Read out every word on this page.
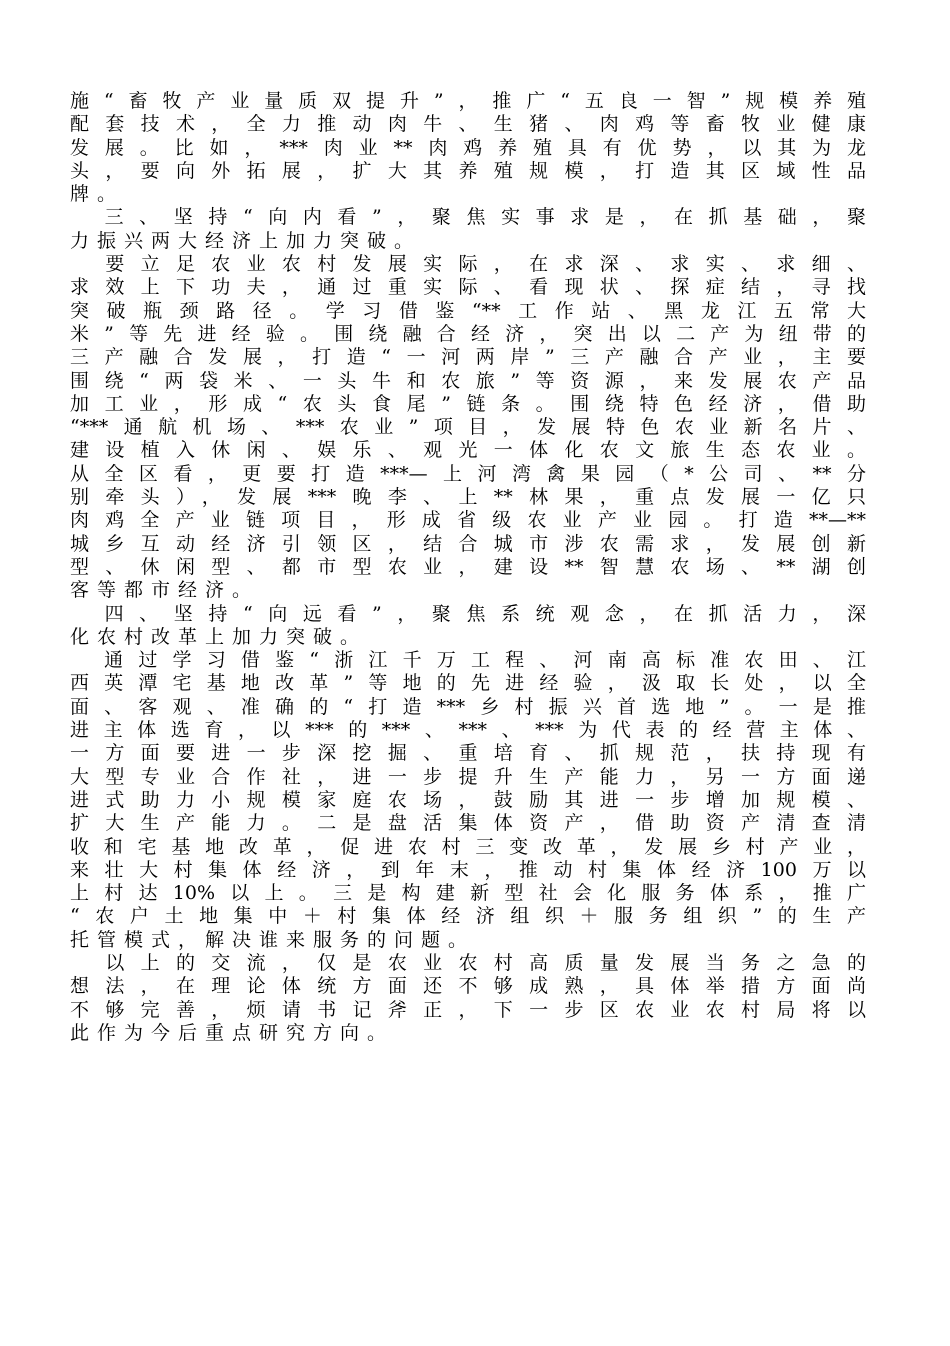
施“畜牧产业量质双提升”，推广“五良一智”规模养殖
配套技术，全力推动肉牛、生猪、肉鸡等畜牧业健康
发展。比如，***肉业**肉鸡养殖具有优势，以其为龙
头，要向外拓展，扩大其养殖规模，打造其区域性品
牌。
　三、坚持“向内看”，聚焦实事求是，在抓基础，聚
力振兴两大经济上加力突破。
　要立足农业农村发展实际，在求深、求实、求细、
求效上下功夫，通过重实际、看现状、探症结，寻找
突破瓶颈路径。学习借鉴“**工作站、黑龙江五常大
米”等先进经验。围绕融合经济，突出以二产为纽带的
三产融合发展，打造“一河两岸”三产融合产业，主要
围绕“两袋米、一头牛和农旅”等资源，来发展农产品
加工业，形成“农头食尾”链条。围绕特色经济，借助
“***通航机场、***农业”项目，发展特色农业新名片、
建设植入休闲、娱乐、观光一体化农文旅生态农业。
从全区看，更要打造***—上河湾禽果园（*公司、**分
别牵头），发展***晚李、上**林果，重点发展一亿只
肉鸡全产业链项目，形成省级农业产业园。打造**—**
城乡互动经济引领区，结合城市涉农需求，发展创新
型、休闲型、都市型农业，建设**智慧农场、**湖创
客等都市经济。
　四、坚持“向远看”，聚焦系统观念，在抓活力，深
化农村改革上加力突破。
　通过学习借鉴“浙江千万工程、河南高标准农田、江
西英潭宅基地改革”等地的先进经验，汲取长处，以全
面、客观、准确的“打造***乡村振兴首选地”。一是推
进主体选育，以***的***、***、***为代表的经营主体、
一方面要进一步深挖掘、重培育、抓规范，扶持现有
大型专业合作社，进一步提升生产能力，另一方面递
进式助力小规模家庭农场，鼓励其进一步增加规模、
扩大生产能力。二是盘活集体资产，借助资产清查清
收和宅基地改革，促进农村三变改革，发展乡村产业，
来壮大村集体经济，到年末，推动村集体经济100万以
上村达10%以上。三是构建新型社会化服务体系，推广
“农户土地集中＋村集体经济组织＋服务组织”的生产
托管模式，解决谁来服务的问题。
　以上的交流，仅是农业农村高质量发展当务之急的
想法，在理论体统方面还不够成熟，具体举措方面尚
不够完善，烦请书记斧正，下一步区农业农村局将以
此作为今后重点研究方向。
